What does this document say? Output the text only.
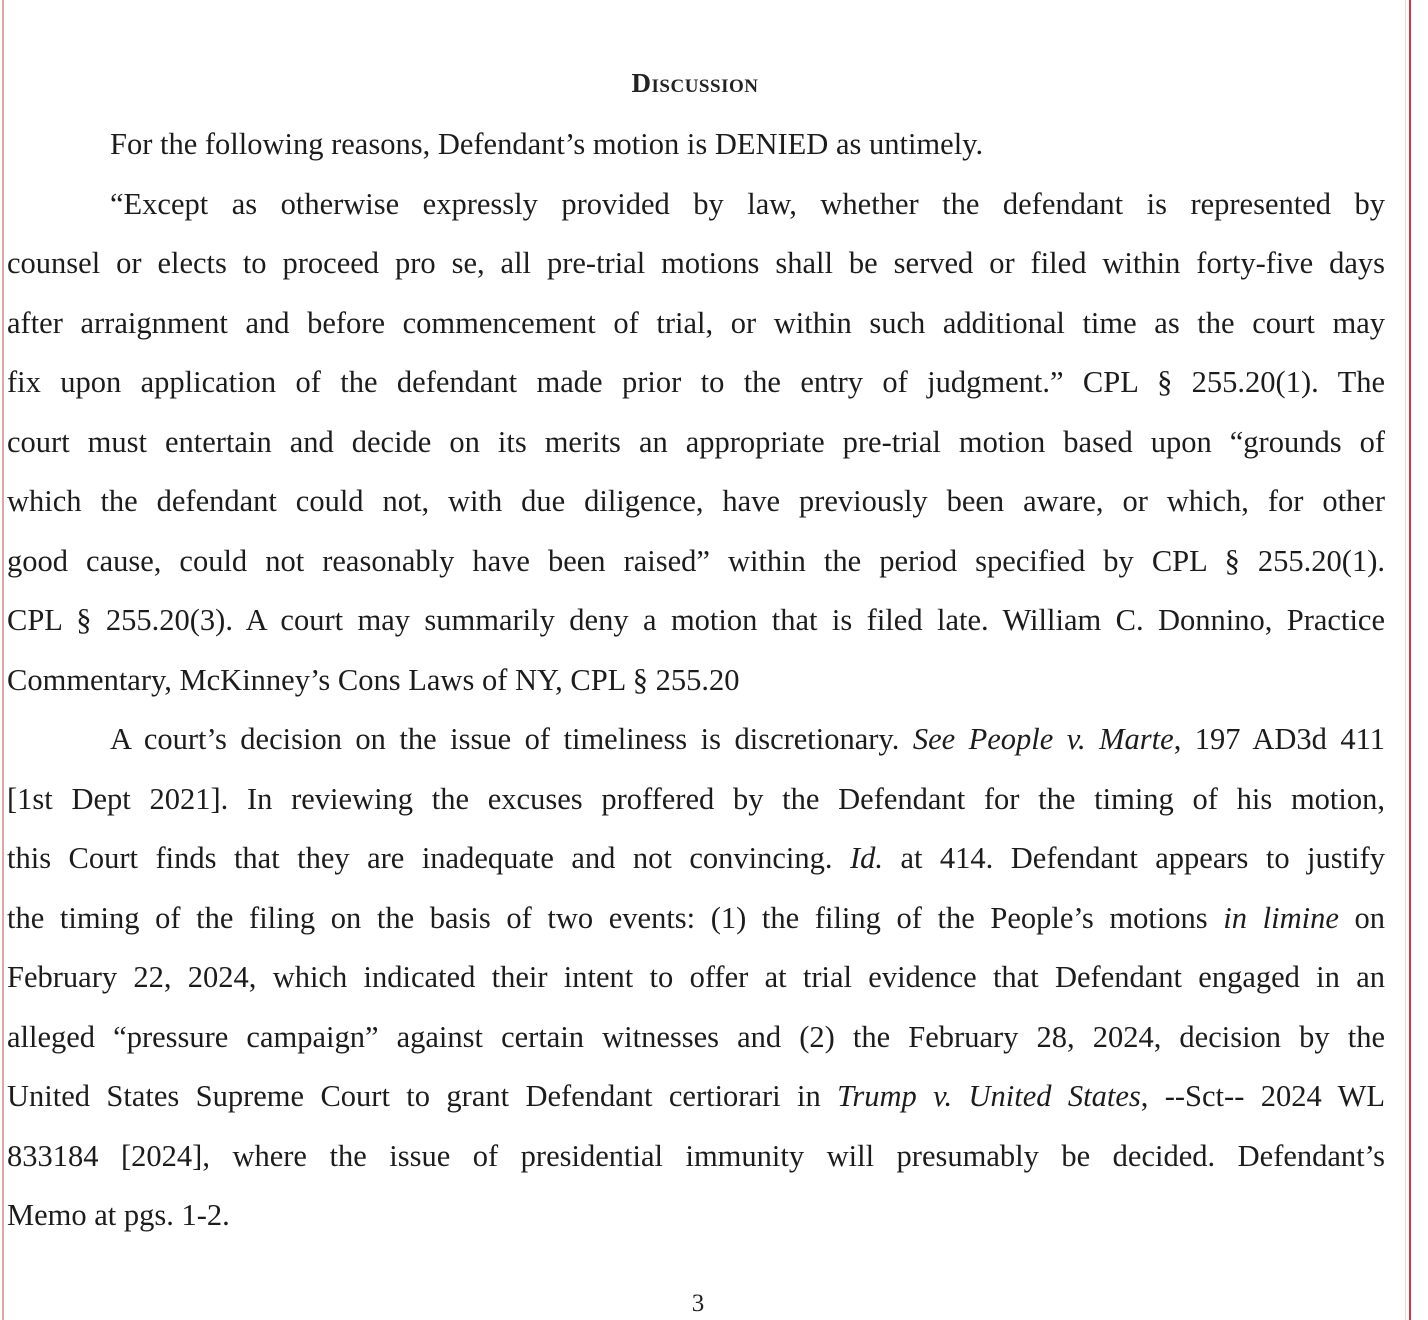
Discussion
For the following reasons, Defendant’s motion is DENIED as untimely.
“Except as otherwise expressly provided by law, whether the defendant is represented by
counsel or elects to proceed pro se, all pre-trial motions shall be served or filed within forty-five days
after arraignment and before commencement of trial, or within such additional time as the court may
fix upon application of the defendant made prior to the entry of judgment.” CPL § 255.20(1). The
court must entertain and decide on its merits an appropriate pre-trial motion based upon “grounds of
which the defendant could not, with due diligence, have previously been aware, or which, for other
good cause, could not reasonably have been raised” within the period specified by CPL § 255.20(1).
CPL § 255.20(3). A court may summarily deny a motion that is filed late. William C. Donnino, Practice
Commentary, McKinney’s Cons Laws of NY, CPL § 255.20
A court’s decision on the issue of timeliness is discretionary. See People v. Marte, 197 AD3d 411
[1st Dept 2021]. In reviewing the excuses proffered by the Defendant for the timing of his motion,
this Court finds that they are inadequate and not convincing. Id. at 414. Defendant appears to justify
the timing of the filing on the basis of two events: (1) the filing of the People’s motions in limine on
February 22, 2024, which indicated their intent to offer at trial evidence that Defendant engaged in an
alleged “pressure campaign” against certain witnesses and (2) the February 28, 2024, decision by the
United States Supreme Court to grant Defendant certiorari in Trump v. United States, --Sct-- 2024 WL
833184 [2024], where the issue of presidential immunity will presumably be decided. Defendant’s
Memo at pgs. 1-2.
3
